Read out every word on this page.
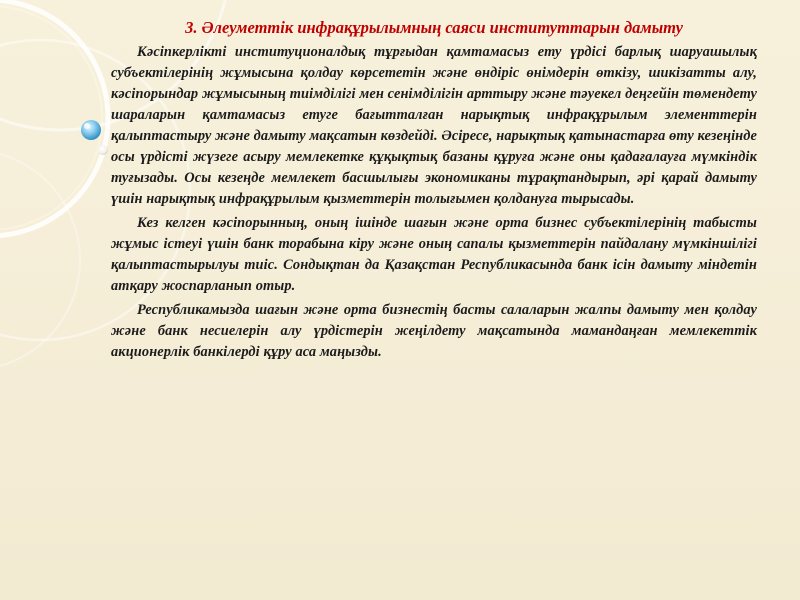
3. Әлеуметтік инфрақұрылымның саяси институттарын дамыту

Кәсіпкерлікті институционалдық тұрғыдан қамтамасыз ету үрдісі барлық шаруашылық субъектілерінің жұмысына қолдау көрсететін және өндіріс өнімдерін өткізу, шикізатты алу, кәсіпорындар жұмысының тиімділігі мен сенімділігін арттыру және тәуекел деңгейін төмендету шараларын қамтамасыз етуге бағытталған нарықтық инфрақұрылым элементтерін қалыптастыру және дамыту мақсатын көздейді. Әсіресе, нарықтық қатынастарға өту кезеңінде осы үрдісті жүзеге асыру мемлекетке құқықтық базаны құруға және оны қадағалауға мүмкіндік туғызады. Осы кезеңде мемлекет басшылығы экономиканы тұрақтандырып, әрі қарай дамыту үшін нарықтық инфрақұрылым қызметтерін толығымен қолдануға тырысады.

Кез келген кәсіпорынның, оның ішінде шағын және орта бизнес субъектілерінің табысты жұмыс істеуі үшін банк торабына кіру және оның сапалы қызметтерін пайдалану мүмкіншілігі қалыптастырылуы тиіс. Сондықтан да Қазақстан Республикасында банк ісін дамыту міндетін атқару жоспарланып отыр.

Республикамызда шағын және орта бизнестің басты салаларын жалпы дамыту мен қолдау және банк несиелерін алу үрдістерін жеңілдету мақсатында мамандаңған мемлекеттік акционерлік банкілерді құру аса маңызды.
